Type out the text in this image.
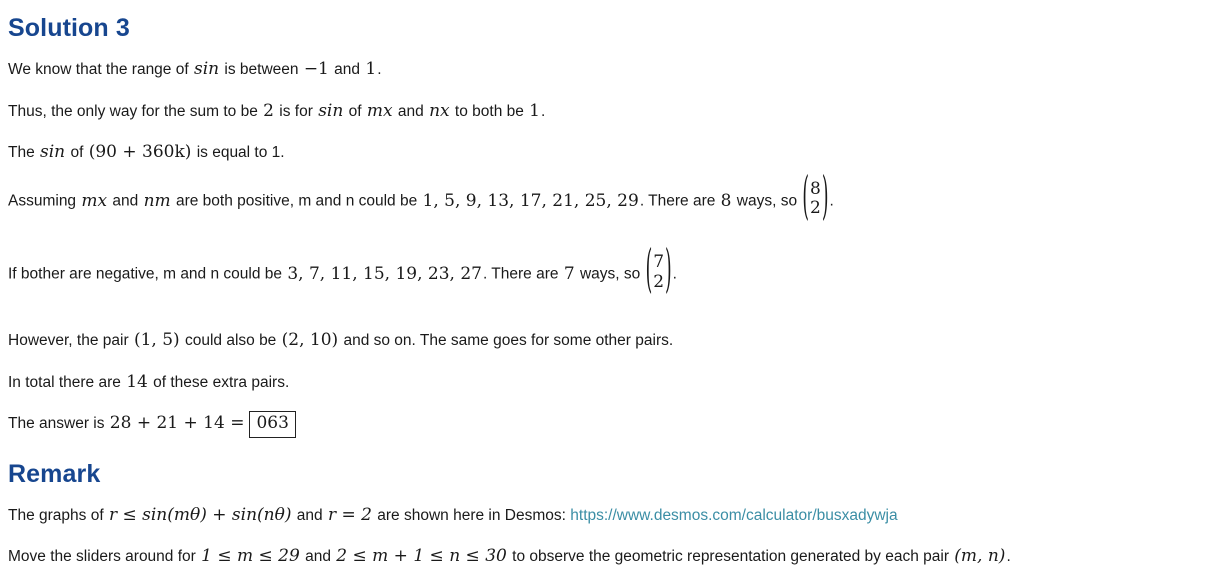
Solution 3

We know that the range of sin is between −1 and 1.

Thus, the only way for the sum to be 2 is for sin of mx and nx to both be 1.

The sin of (90 + 360k) is equal to 1.

Assuming mx and nm are both positive, m and n could be 1, 5, 9, 13, 17, 21, 25, 29. There are 8 ways, so ( 8
2 ) .

If bother are negative, m and n could be 3, 7, 11, 15, 19, 23, 27. There are 7 ways, so ( 7
2 ) .

However, the pair (1, 5) could also be (2, 10) and so on. The same goes for some other pairs.

In total there are 14 of these extra pairs.

The answer is 28 + 21 + 14 = 063

Remark

The graphs of r ≤ sin(mθ) + sin(nθ) and r = 2 are shown here in Desmos: https://www.desmos.com/calculator/busxadywja

Move the sliders around for 1 ≤ m ≤ 29 and 2 ≤ m + 1 ≤ n ≤ 30 to observe the geometric representation generated by each pair (m, n).
